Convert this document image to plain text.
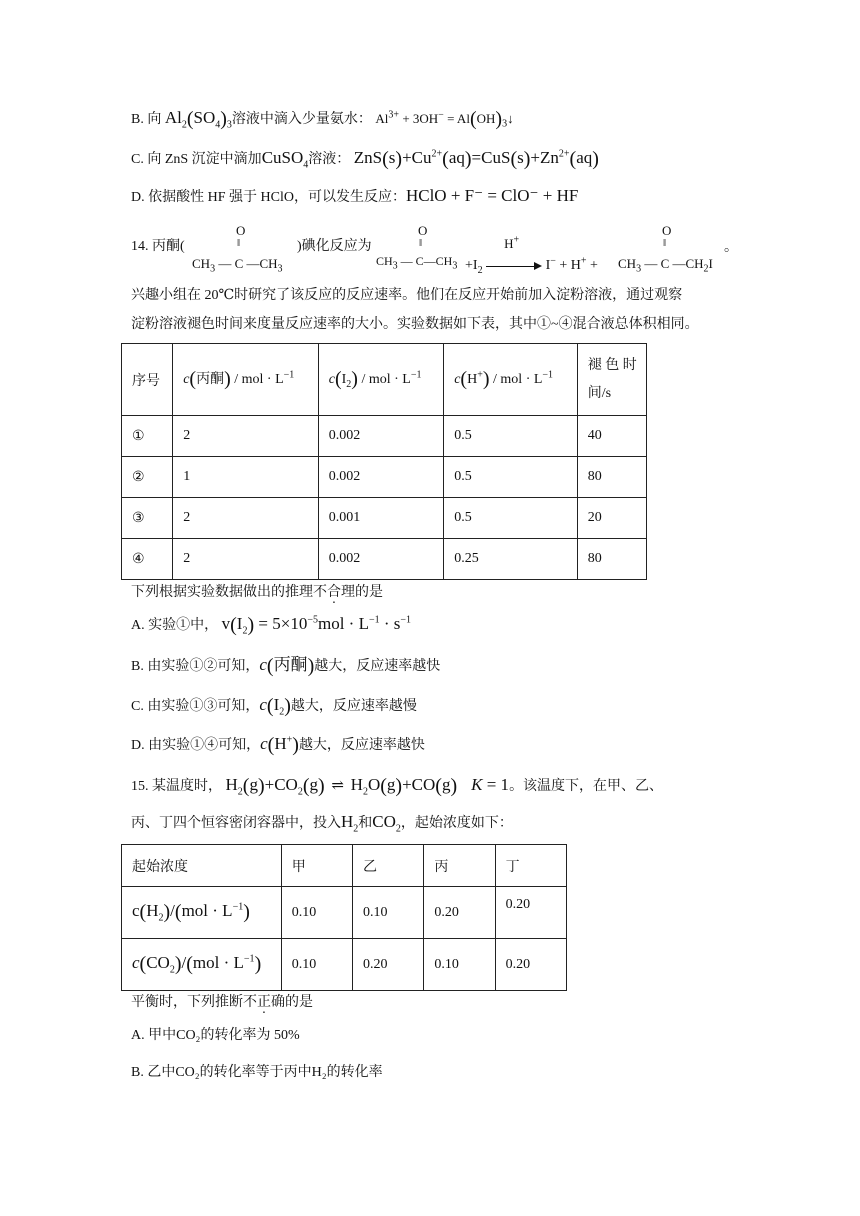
B. 向 $Al_2(SO_4)_3$溶液中滴入少量氨水： $Al^{3+} + 3OH^-$ = $Al(OH)_3↓$
C. 向 ZnS 沉淀中滴加CuSO$_4$溶液： $ZnS(s)+Cu^{2+}(aq)=CuS(s)+Zn^{2+}(aq)$
D. 依据酸性 HF 强于 HClO，可以发生反应：HClO + F⁻ = ClO⁻ + HF
14. 丙酮(
O
‖
$CH_3$ — C $—CH_3$
)碘化反应为
O
‖
$CH_3$ — $C—CH_3 +I_2$
H+
I− + H+ +
O
‖
$CH_3$ — C $—CH_2I$
。
兴趣小组在 20℃时研究了该反应的反应速率。他们在反应开始前加入淀粉溶液，通过观察
淀粉溶液褪色时间来度量反应速率的大小。实验数据如下表，其中①~④混合液总体积相同。
序号	c(丙酮) / mol · $L^{-1}$	$c(I_2)$ / mol · $L^{-1}$	c(H+) / mol · $L^{-1}$	褪 色 时
间/s
①	2	0.002	0.5	40
②	1	0.002	0.5	80
③	2	0.001	0.5	20
④	2	0.002	0.25	80
下列根据实验数据做出的推理不合理的是
A. 实验①中， $v(I_2) = 5\times 10^{-5}mol \cdot L^{-1} \cdot s^{-1}$
B. 由实验①②可知，c(丙酮)越大，反应速率越快
C. 由实验①③可知，$c(I_2)$越大，反应速率越慢
D. 由实验①④可知，c(H+)越大，反应速率越快
15. 某温度时， $H_2(g)+CO_2(g)$ ⇌ $H_2O(g)+CO(g) K = 1$。该温度下，在甲、乙、
丙、丁四个恒容密闭容器中，投入$H_2$和$CO_2$，起始浓度如下：
起始浓度	甲	乙	丙	丁
$c(H_2)/(mol \cdot L^{-1})$	0.10	0.10	0.20	0.20
$c(CO_2)/(mol \cdot L^{-1})$	0.10	0.20	0.10	0.20
平衡时，下列推断不正确的是
A. 甲中CO₂的转化率为 50%
B. 乙中CO₂的转化率等于丙中H₂的转化率
